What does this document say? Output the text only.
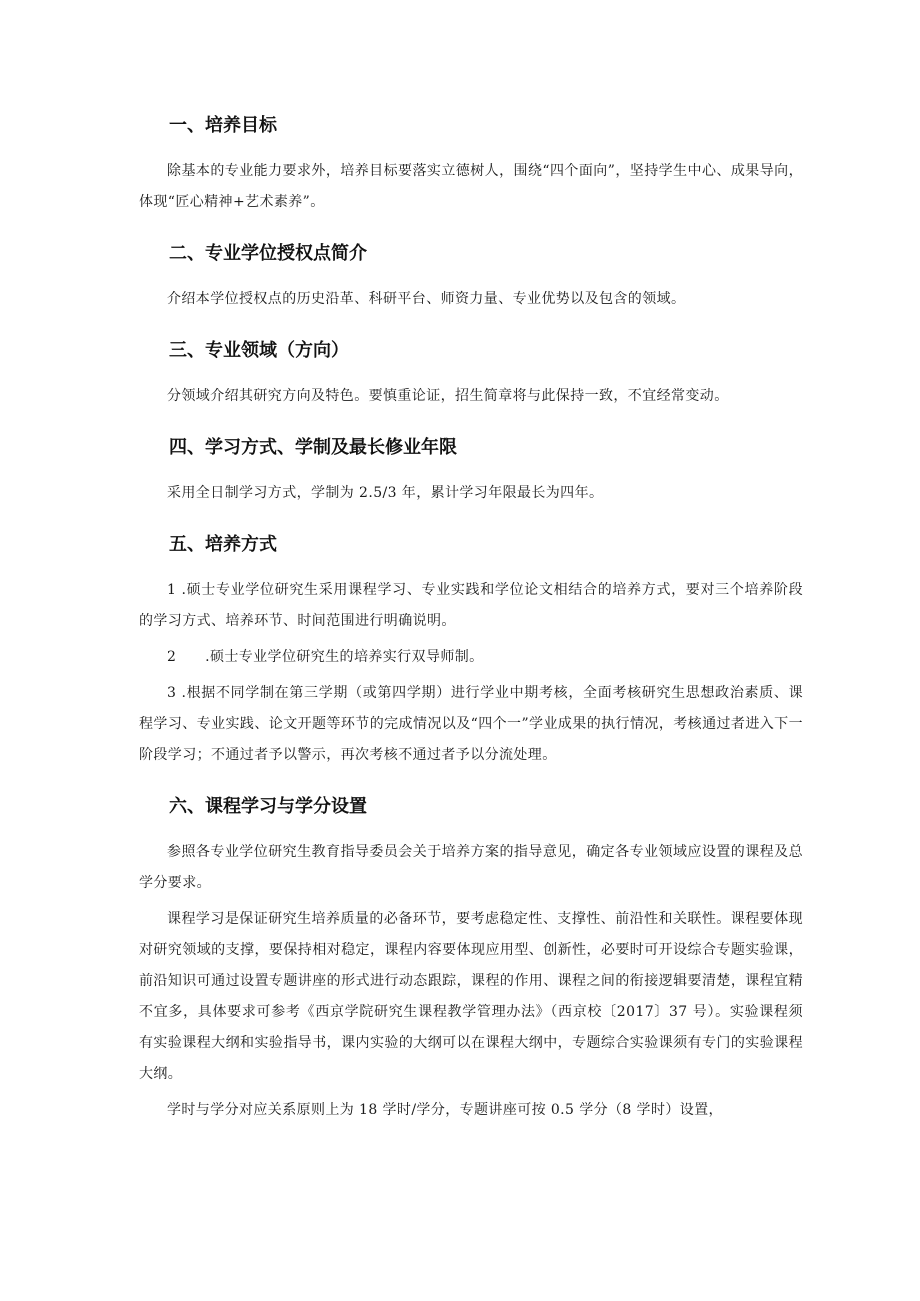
一、培养目标

除基本的专业能力要求外，培养目标要落实立德树人，围绕“四个面向”，坚持学生中心、成果导向，体现“匠心精神+艺术素养”。

二、专业学位授权点简介

介绍本学位授权点的历史沿革、科研平台、师资力量、专业优势以及包含的领域。

三、专业领域（方向）

分领域介绍其研究方向及特色。要慎重论证，招生简章将与此保持一致，不宜经常变动。

四、学习方式、学制及最长修业年限

采用全日制学习方式，学制为 2.5/3 年，累计学习年限最长为四年。

五、培养方式

1 .硕士专业学位研究生采用课程学习、专业实践和学位论文相结合的培养方式，要对三个培养阶段的学习方式、培养环节、时间范围进行明确说明。

2　　.硕士专业学位研究生的培养实行双导师制。

3 .根据不同学制在第三学期（或第四学期）进行学业中期考核，全面考核研究生思想政治素质、课程学习、专业实践、论文开题等环节的完成情况以及“四个一”学业成果的执行情况，考核通过者进入下一阶段学习；不通过者予以警示，再次考核不通过者予以分流处理。

六、课程学习与学分设置

参照各专业学位研究生教育指导委员会关于培养方案的指导意见，确定各专业领域应设置的课程及总学分要求。

课程学习是保证研究生培养质量的必备环节，要考虑稳定性、支撑性、前沿性和关联性。课程要体现对研究领域的支撑，要保持相对稳定，课程内容要体现应用型、创新性，必要时可开设综合专题实验课，前沿知识可通过设置专题讲座的形式进行动态跟踪，课程的作用、课程之间的衔接逻辑要清楚，课程宜精不宜多，具体要求可参考《西京学院研究生课程教学管理办法》（西京校〔2017〕37 号）。实验课程须有实验课程大纲和实验指导书，课内实验的大纲可以在课程大纲中，专题综合实验课须有专门的实验课程大纲。

学时与学分对应关系原则上为 18 学时/学分，专题讲座可按 0.5 学分（8 学时）设置，
